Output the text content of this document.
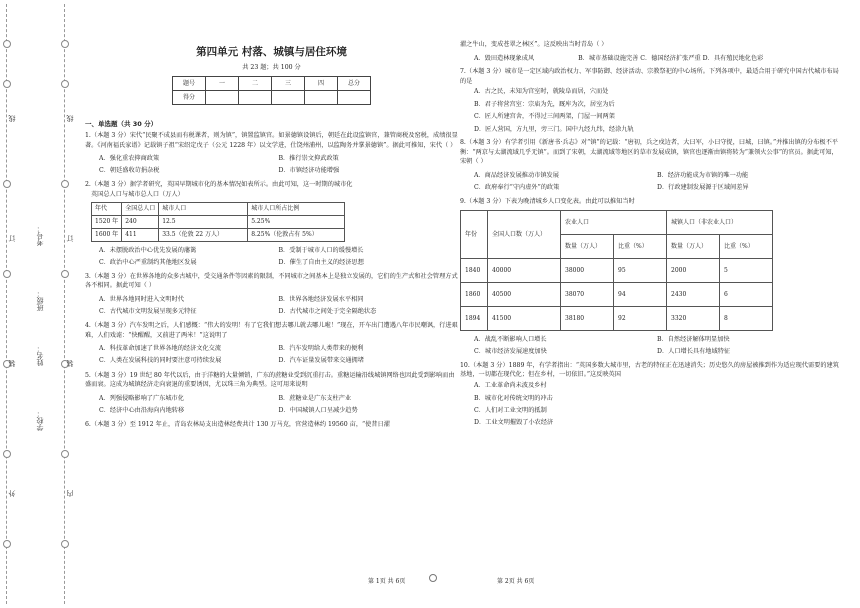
线
订
装
外
线
订
装
内
考号：
班级：
姓名：
学校：
第四单元 村落、城镇与居住环境
共 23 题；共 100 分
题号	一	二	三	四	总分
得分					
一、单选题（共 30 分）

1.（本题 3 分）宋代“民聚不成县而有税课者，则为镇”，镇置监镇官。如景德镇设镇后，朝廷在此设监镇官，兼管商税及窑税，成绩很显著。《河南福氏家谱》记载镇子祖“宋绍定戊子（公元 1228 年）以文学进，仕饶州浦州，以监陶务并掌景德镇”。据此可推知，宋代（ ）

A．强化重农抑商政策	B．推行崇文抑武政策
C．朝廷盛收苛捐杂税	D．市镇经济功能增强

2.（本题 3 分）据学者研究，英国早期城市化的基本情况如表所示。由此可知，这一时期的城市化

英国总人口与城市总人口（万人）

年代	全国总人口	城市人口	城市人口所占比例
1520 年	240	12.5	5.25%
1600 年	411	33.5（伦敦 22 万人）	8.25%（伦敦占有 5%）
A．未摆脱政治中心优先发展的藩篱	B．受制于城市人口的缓慢增长
C．政治中心严重制约其他地区发展	D．催生了自由主义的经济思想

3.（本题 3 分）在世界各地的众多古城中，受交通条件等因素的限制，不同城市之间基本上是独立发展的，它们的生产式和社会管理方式各不相同。据此可知（ ）

A．世界各地同时进入文明时代	B．世界各地经济发展水平相同
C．古代城市文明发展呈现多元特征	D．古代城市之间处于完全隔绝状态

4.（本题 3 分）汽车发明之后，人们感慨：“伟大的发明！有了它我们想去哪儿就去哪儿啦！”现在，开车出门遭遇八年市民嘲讽，行进艰难，人们戏谑：“快醒醒，又前进了两米！”这说明了

A．科技革命加速了世界各地的经济文化交流	B．汽车发明给人类带来的便利
C．人类在发展科技的同时要注意可持续发展	D．汽车证量发展带来交通拥堵

5.（本题 3 分）19 世纪 80 年代以后，由于洋糖的大量倾销，广东的蔗糖业受到沉重打击。重糖运输沿线城镇网络也因此受到影响而由盛而衰。这成为城镇经济走向衰退的重要诱因，尤以珠三角为典型。这可用来说明

A．列强侵略影响了广东城市化	B．蔗糖业是广东支柱产业
C．经济中心由沿海向内地转移	D．中国城镇人口呈减少趋势

6.（本题 3 分）至 1912 年止，青岛农林局支出造林经费共计 130 万马克，官营造林约 19560 亩，“使昔日濯

濯之牛山，变成苍翠之林区”。这反映出当时青岛（ ）

A．毁田造林现象成风	B．城市基础设施完善 C．德国经济扩张严重 D．具有殖民地化色彩

7.（本题 3 分）城市是一定区域内政治权力、军事防御、经济活动、宗教祭祀的中心场所。下列各项中，最适合用于研究中国古代城市布局的是

A．古之民，未知为宫室时，就陵阜而居，穴而处
B．君子将营宫室：宗庙为先，厩库为次，居室为后
C．匠人所建宫舍，不得过三间两架，门屋一间两架
D．匠人营国，方九里，旁三门。国中九经九纬，经涂九轨

8.（本题 3 分）有学者引用《新唐书·兵志》对“镇”的记载：“唐初，兵之戍边者，大曰军，小曰守捉，曰城，曰镇。”并推出镇的分布极不平衡：“两京与太湖流域几乎无镇”。而到了宋朝，太湖流域等地区的草市发展成镇，镇官也逐渐由镇将转为“兼领火公事”的官员。据此可知，宋朝（ ）

A．商品经济发展推动市镇发展	B．经济功能成为市镇的唯一功能
C．政府奉行“守内虚外”的政策	D．行政建制发展源于区域间差异

9.（本题 3 分）下表为晚清城乡人口变化表。由此可以推知当时

年份	全国人口数（万人）	农业人口		城镇人口（非农业人口）	
		数量（万人）	比重（%）	数量（万人）	比重（%）
1840	40000	38000	95	2000	5
1860	40500	38070	94	2430	6
1894	41500	38180	92	3320	8
A．战乱不断影响人口增长	B．自然经济解体明显加快
C．城市经济发展速度加快	D．人口增长具有地域特征

10.（本题 3 分）1889 年，有学者指出：“英国多数大城市里，古老的特征正在迅速消失；历史悠久的房屋被推到作为适应现代需要的建筑基地，一切都在现代化；但在乡村，一切依旧。”这反映英国

A．工业革命尚未波及乡村
B．城市化对传统文明的冲击
C．人们对工业文明的抵制
D．工业文明摧毁了小农经济
第 1页 共 6页	第 2页 共 6页
